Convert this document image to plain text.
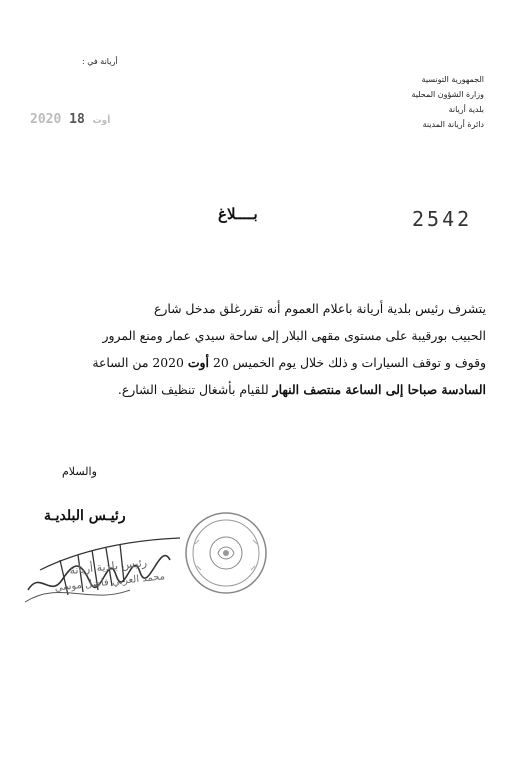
الجمهورية التونسية
وزارة الشؤون المحلية
بلدية أريانة
دائرة أريانة المدينة
أريانة في :
2020	أوت 18
2542
بــــلاغ
يتشرف رئيس بلدية أريانة باعلام العموم أنه تقررغلق مدخل شارع
الحبيب بورقيبة على مستوى مقهى البلار إلى ساحة سيدي عمار ومنع المرور
وقوف و توقف السيارات و ذلك خلال يوم الخميس 20 أوت 2020 من الساعة
السادسة صباحا إلى الساعة منتصف النهار للقيام بأشغال تنظيف الشارع.
والسلام
رئيـس البلديـة
رئيس بلدية أريانة
محمد العربي فاضل موسى
